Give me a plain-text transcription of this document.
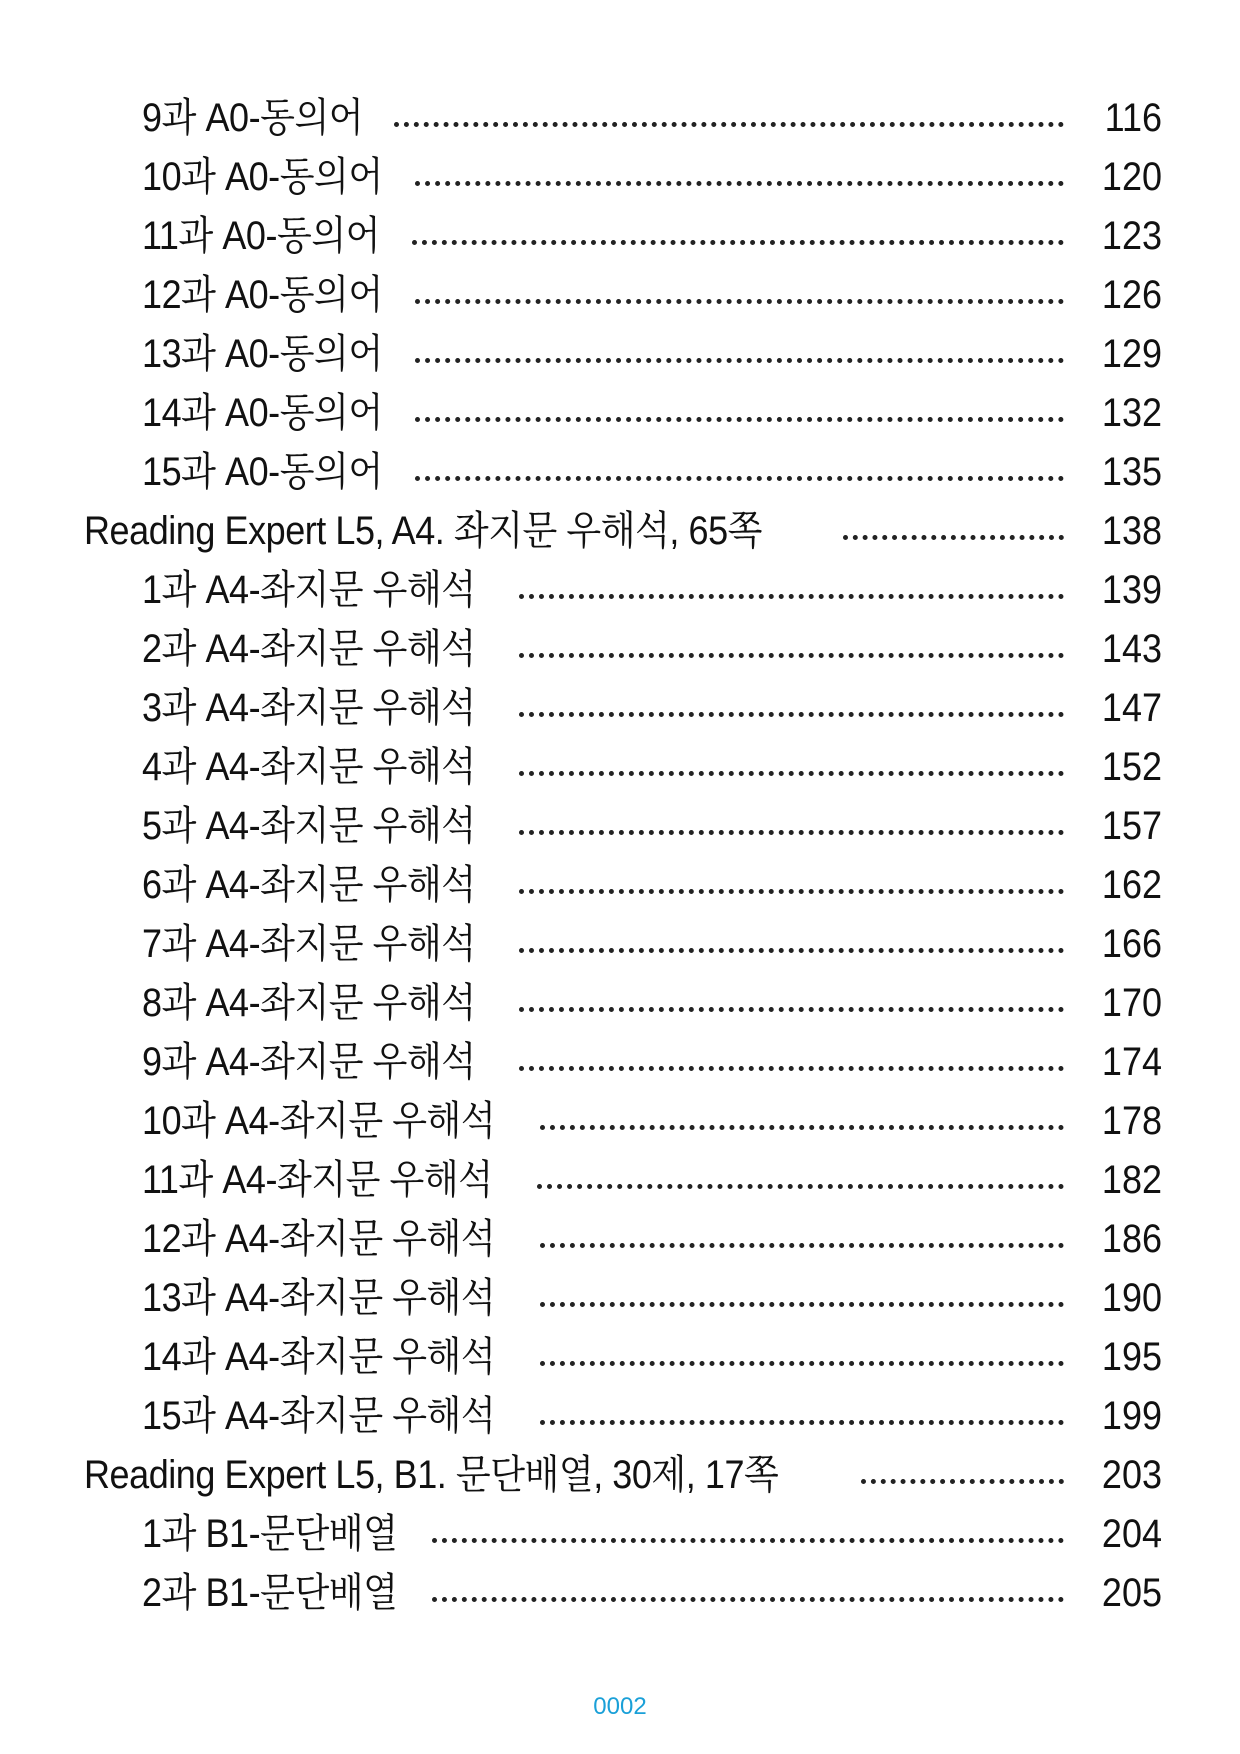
9과 A0-동의어	116
10과 A0-동의어	120
11과 A0-동의어	123
12과 A0-동의어	126
13과 A0-동의어	129
14과 A0-동의어	132
15과 A0-동의어	135
Reading Expert L5, A4. 좌지문 우해석, 65쪽	138
1과 A4-좌지문 우해석	139
2과 A4-좌지문 우해석	143
3과 A4-좌지문 우해석	147
4과 A4-좌지문 우해석	152
5과 A4-좌지문 우해석	157
6과 A4-좌지문 우해석	162
7과 A4-좌지문 우해석	166
8과 A4-좌지문 우해석	170
9과 A4-좌지문 우해석	174
10과 A4-좌지문 우해석	178
11과 A4-좌지문 우해석	182
12과 A4-좌지문 우해석	186
13과 A4-좌지문 우해석	190
14과 A4-좌지문 우해석	195
15과 A4-좌지문 우해석	199
Reading Expert L5, B1. 문단배열, 30제, 17쪽	203
1과 B1-문단배열	204
2과 B1-문단배열	205
0002
